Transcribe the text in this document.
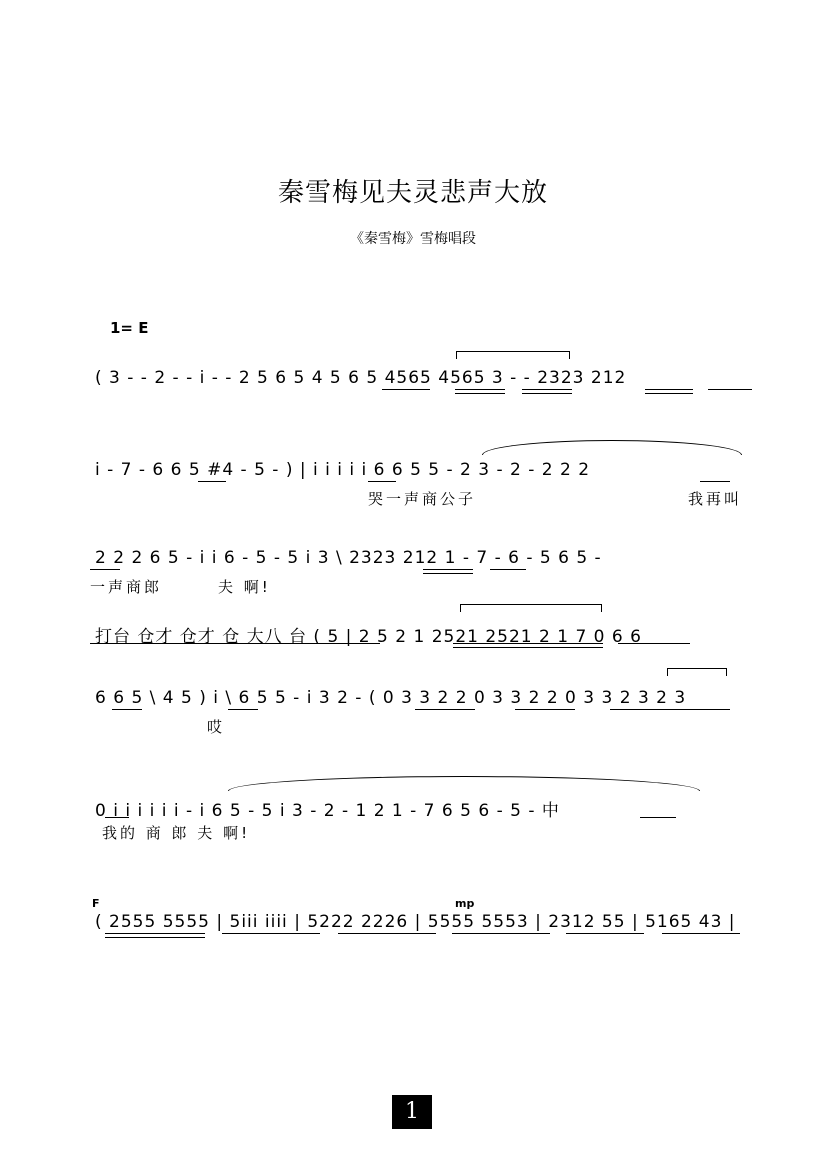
秦雪梅见夫灵悲声大放
《秦雪梅》雪梅唱段
1= E
( 3 - - 2 - - i - - 2 5 6 5 4 5 6 5 4565 4565 3 - - 2323 212
i - 7 - 6 6 5 #4 - 5 - ) | i i i i i 6 6 5 5 - 2 3 - 2 - 2 2 2
哭一声商公子	我再叫
2 2 2 6 5 - i i 6 - 5 - 5 i 3 \ 2323 212 1 - 7 - 6 - 5 6 5 -
一声商郎	夫 啊!
打台 仓才 仓才 仓 大八 台 ( 5 | 2 5 2 1 2521 2521 2 1 7 0 6 6
6 6 5 \ 4 5 ) i \ 6 5 5 - i 3 2 - ( 0 3 3 2 2 0 3 3 2 2 0 3 3 2 3 2 3
哎
0 i i i i i i - i 6 5 - 5 i 3 - 2 - 1 2 1 - 7 6 5 6 - 5 - 中
我的 商 郎 夫 啊!
F	mp
( 2555 5555 | 5iii iiii | 5222 2226 | 5555 5553 | 2312 55 | 5165 43 |
1
